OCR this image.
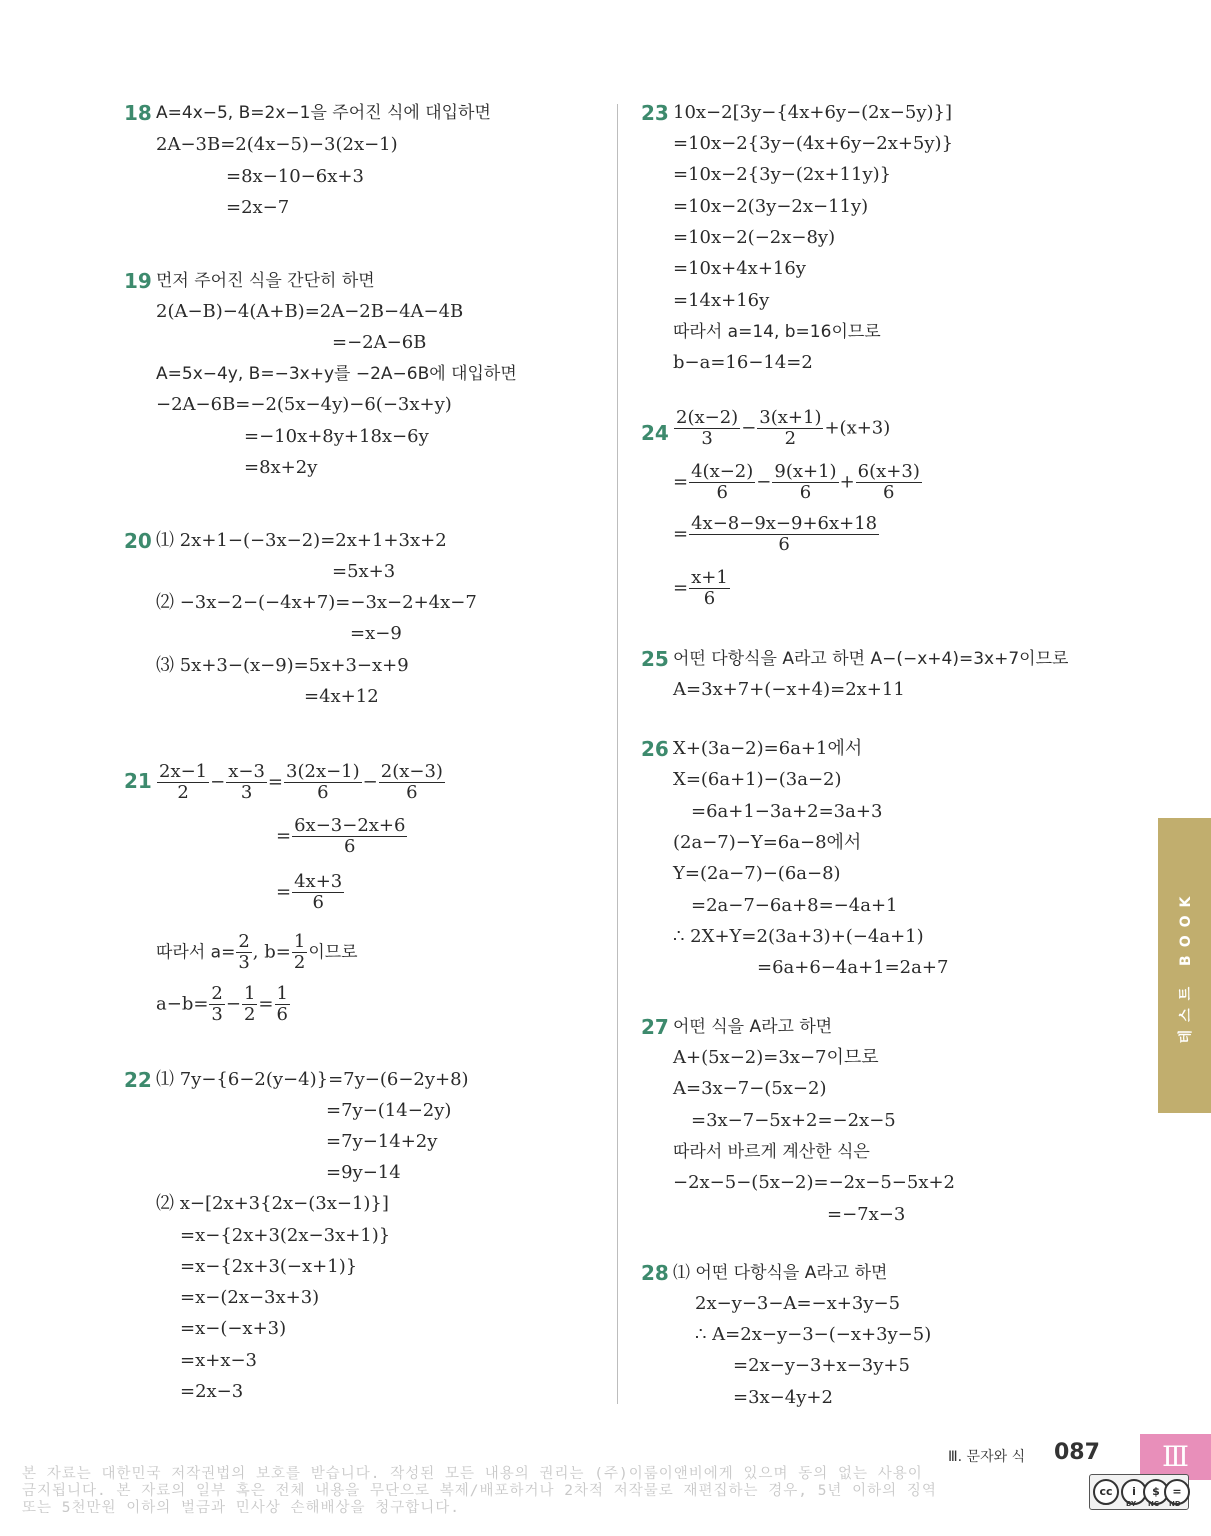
18 A=4x−5, B=2x−1을 주어진 식에 대입하면
2A−3B=2(4x−5)−3(2x−1)
=8x−10−6x+3
=2x−7
19 먼저 주어진 식을 간단히 하면
2(A−B)−4(A+B)=2A−2B−4A−4B
=−2A−6B
A=5x−4y, B=−3x+y를 −2A−6B에 대입하면
−2A−6B=−2(5x−4y)−6(−3x+y)
=−10x+8y+18x−6y
=8x+2y
20 ⑴ 2x+1−(−3x−2)=2x+1+3x+2
=5x+3
⑵ −3x−2−(−4x+7)=−3x−2+4x−7
=x−9
⑶ 5x+3−(x−9)=5x+3−x+9
=4x+12
$21 \frac{2x-1}{2} - \frac{x-3}{3} = \frac{3(2x-1)}{6} - \frac{2(x-3)}{6}$
= $\frac{6x-3-2x+6}{6}$
= $\frac{4x+3}{6}$
따라서 $a= \frac{2}{3}$ , $b= \frac{1}{2}$ 이므로
$a-b= \frac{2}{3} - \frac{1}{2} = \frac{1}{6}$
22 ⑴ 7y−{6−2(y−4)}=7y−(6−2y+8)
=7y−(14−2y)
=7y−14+2y
=9y−14
⑵ x−[2x+3{2x−(3x−1)}]
=x−{2x+3(2x−3x+1)}
=x−{2x+3(−x+1)}
=x−(2x−3x+3)
=x−(−x+3)
=x+x−3
=2x−3
23 10x−2[3y−{4x+6y−(2x−5y)}]
=10x−2{3y−(4x+6y−2x+5y)}
=10x−2{3y−(2x+11y)}
=10x−2(3y−2x−11y)
=10x−2(−2x−8y)
=10x+4x+16y
=14x+16y
따라서 a=14, b=16이므로
b−a=16−14=2
$24 \frac{2(x-2)}{3} - \frac{3(x+1)}{2} +(x+3)$
= $\frac{4(x-2)}{6} - \frac{9(x+1)}{6} + \frac{6(x+3)}{6}$
= $\frac{4x-8-9x-9+6x+18}{6}$
= $\frac{x+1}{6}$
25 어떤 다항식을 A라고 하면 A−(−x+4)=3x+7이므로
A=3x+7+(−x+4)=2x+11
26 X+(3a−2)=6a+1에서
X=(6a+1)−(3a−2)
=6a+1−3a+2=3a+3
(2a−7)−Y=6a−8에서
Y=(2a−7)−(6a−8)
=2a−7−6a+8=−4a+1
∴ 2X+Y=2(3a+3)+(−4a+1)
=6a+6−4a+1=2a+7
27 어떤 식을 A라고 하면
A+(5x−2)=3x−7이므로
A=3x−7−(5x−2)
=3x−7−5x+2=−2x−5
따라서 바르게 계산한 식은
−2x−5−(5x−2)=−2x−5−5x+2
=−7x−3
28 ⑴ 어떤 다항식을 A라고 하면
2x−y−3−A=−x+3y−5
∴ A=2x−y−3−(−x+3y−5)
=2x−y−3+x−3y+5
=3x−4y+2
테스트 BOOK
Ⅲ. 문자와 식 087	Ⅲ
본 자료는 대한민국 저작권법의 보호를 받습니다. 작성된 모든 내용의 권리는 (주)이룸이앤비에게 있으며 동의 없는 사용이
금지됩니다. 본 자료의 일부 혹은 전체 내용을 무단으로 복제/배포하거나 2차적 저작물로 재편집하는 경우, 5년 이하의 징역
또는 5천만원 이하의 벌금과 민사상 손해배상을 청구합니다.
cc	i	$	=
BY NC ND
